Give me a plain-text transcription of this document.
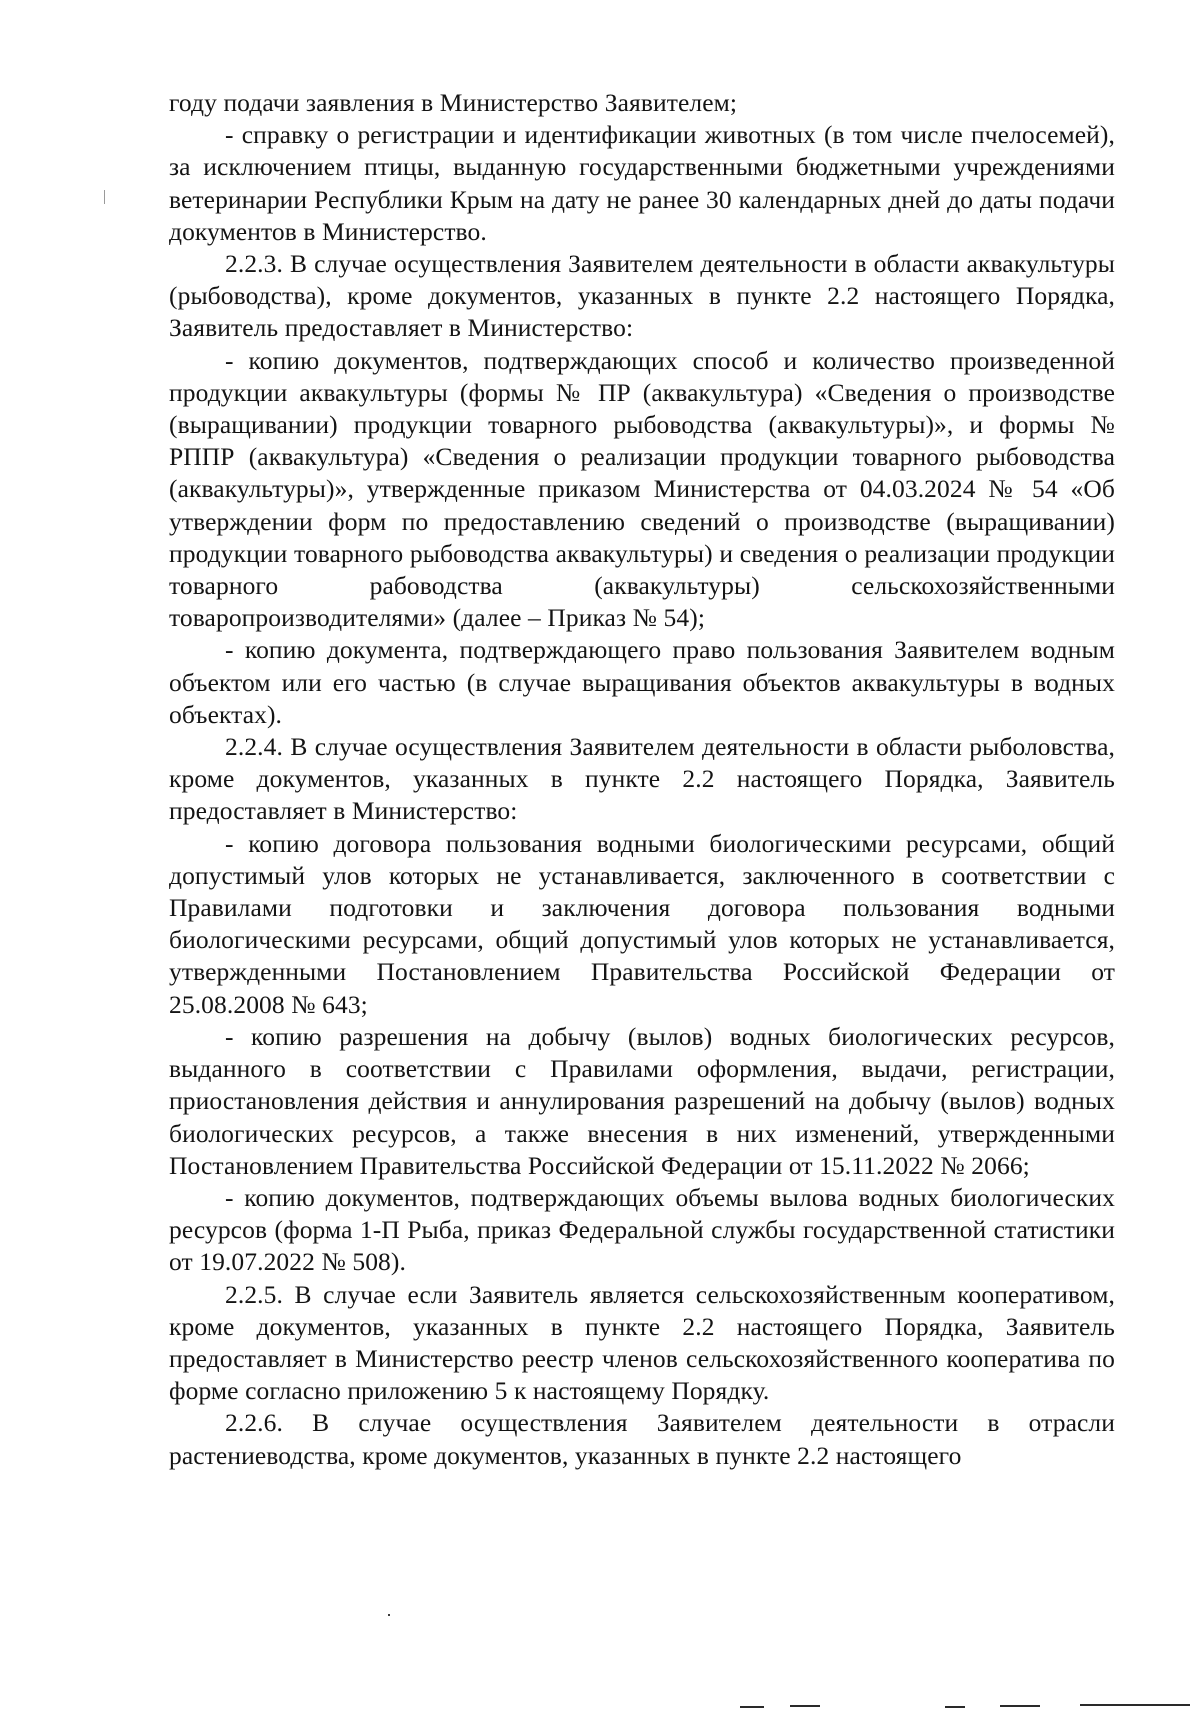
году подачи заявления в Министерство Заявителем;

- справку о регистрации и идентификации животных (в том числе пчелосемей), за исключением птицы, выданную государственными бюджетными учреждениями ветеринарии Республики Крым на дату не ранее 30 календарных дней до даты подачи документов в Министерство.

2.2.3. В случае осуществления Заявителем деятельности в области аквакультуры (рыбоводства), кроме документов, указанных в пункте 2.2 настоящего Порядка, Заявитель предоставляет в Министерство:

- копию документов, подтверждающих способ и количество произведенной продукции аквакультуры (формы № ПР (аквакультура) «Сведения о производстве (выращивании) продукции товарного рыбоводства (аквакультуры)», и формы № РППР (аквакультура) «Сведения о реализации продукции товарного рыбоводства (аквакультуры)», утвержденные приказом Министерства от 04.03.2024 № 54 «Об утверждении форм по предоставлению сведений о производстве (выращивании) продукции товарного рыбоводства аквакультуры) и сведения о реализации продукции товарного рабоводства (аквакультуры) сельскохозяйственными товаропроизводителями» (далее – Приказ № 54);

- копию документа, подтверждающего право пользования Заявителем водным объектом или его частью (в случае выращивания объектов аквакультуры в водных объектах).

2.2.4. В случае осуществления Заявителем деятельности в области рыболовства, кроме документов, указанных в пункте 2.2 настоящего Порядка, Заявитель предоставляет в Министерство:

- копию договора пользования водными биологическими ресурсами, общий допустимый улов которых не устанавливается, заключенного в соответствии с Правилами подготовки и заключения договора пользования водными биологическими ресурсами, общий допустимый улов которых не устанавливается, утвержденными Постановлением Правительства Российской Федерации от 25.08.2008 № 643;

- копию разрешения на добычу (вылов) водных биологических ресурсов, выданного в соответствии с Правилами оформления, выдачи, регистрации, приостановления действия и аннулирования разрешений на добычу (вылов) водных биологических ресурсов, а также внесения в них изменений, утвержденными Постановлением Правительства Российской Федерации от 15.11.2022 № 2066;

- копию документов, подтверждающих объемы вылова водных биологических ресурсов (форма 1-П Рыба, приказ Федеральной службы государственной статистики от 19.07.2022 № 508).

2.2.5. В случае если Заявитель является сельскохозяйственным кооперативом, кроме документов, указанных в пункте 2.2 настоящего Порядка, Заявитель предоставляет в Министерство реестр членов сельскохозяйственного кооператива по форме согласно приложению 5 к настоящему Порядку.

2.2.6. В случае осуществления Заявителем деятельности в отрасли растениеводства, кроме документов, указанных в пункте 2.2 настоящего
